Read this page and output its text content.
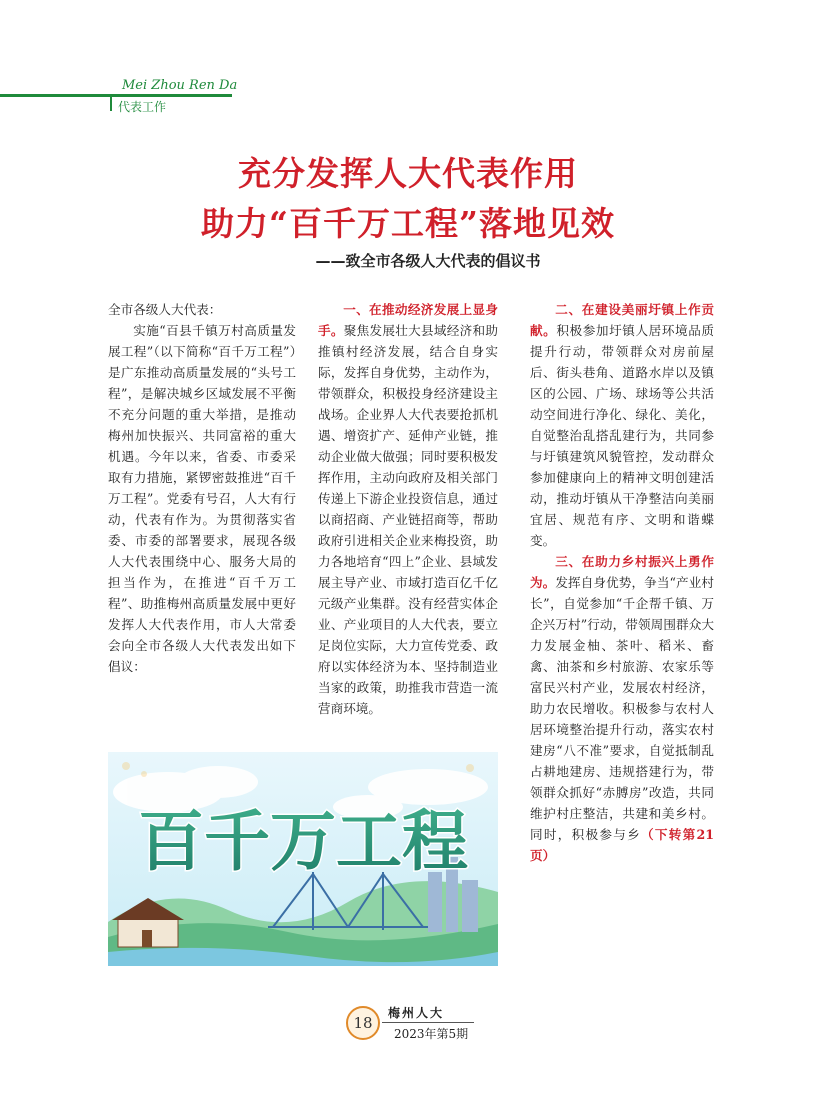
Mei Zhou Ren Da
代表工作
充分发挥人大代表作用
助力“百千万工程”落地见效
——致全市各级人大代表的倡议书

全市各级人大代表：

实施“百县千镇万村高质量发展工程”（以下简称“百千万工程”）是广东推动高质量发展的“头号工程”，是解决城乡区域发展不平衡不充分问题的重大举措，是推动梅州加快振兴、共同富裕的重大机遇。今年以来，省委、市委采取有力措施，紧锣密鼓推进“百千万工程”。党委有号召，人大有行动，代表有作为。为贯彻落实省委、市委的部署要求，展现各级人大代表围绕中心、服务大局的担当作为，在推进“百千万工程”、助推梅州高质量发展中更好发挥人大代表作用，市人大常委会向全市各级人大代表发出如下倡议：

一、在推动经济发展上显身手。聚焦发展壮大县域经济和助推镇村经济发展，结合自身实际，发挥自身优势，主动作为，带领群众，积极投身经济建设主战场。企业界人大代表要抢抓机遇、增资扩产、延伸产业链，推动企业做大做强；同时要积极发挥作用，主动向政府及相关部门传递上下游企业投资信息，通过以商招商、产业链招商等，帮助政府引进相关企业来梅投资，助力各地培育“四上”企业、县域发展主导产业、市域打造百亿千亿元级产业集群。没有经营实体企业、产业项目的人大代表，要立足岗位实际，大力宣传党委、政府以实体经济为本、坚持制造业当家的政策，助推我市营造一流营商环境。

二、在建设美丽圩镇上作贡献。积极参加圩镇人居环境品质提升行动，带领群众对房前屋后、街头巷角、道路水岸以及镇区的公园、广场、球场等公共活动空间进行净化、绿化、美化，自觉整治乱搭乱建行为，共同参与圩镇建筑风貌管控，发动群众参加健康向上的精神文明创建活动，推动圩镇从干净整洁向美丽宜居、规范有序、文明和谐蝶变。

三、在助力乡村振兴上勇作为。发挥自身优势，争当“产业村长”，自觉参加“千企帮千镇、万企兴万村”行动，带领周围群众大力发展金柚、茶叶、稻米、畜禽、油茶和乡村旅游、农家乐等富民兴村产业，发展农村经济，助力农民增收。积极参与农村人居环境整治提升行动，落实农村建房“八不准”要求，自觉抵制乱占耕地建房、违规搭建行为，带领群众抓好“赤膊房”改造，共同维护村庄整洁，共建和美乡村。同时，积极参与乡（下转第21页）

百千万工程
18
梅州人大
2023年第5期
